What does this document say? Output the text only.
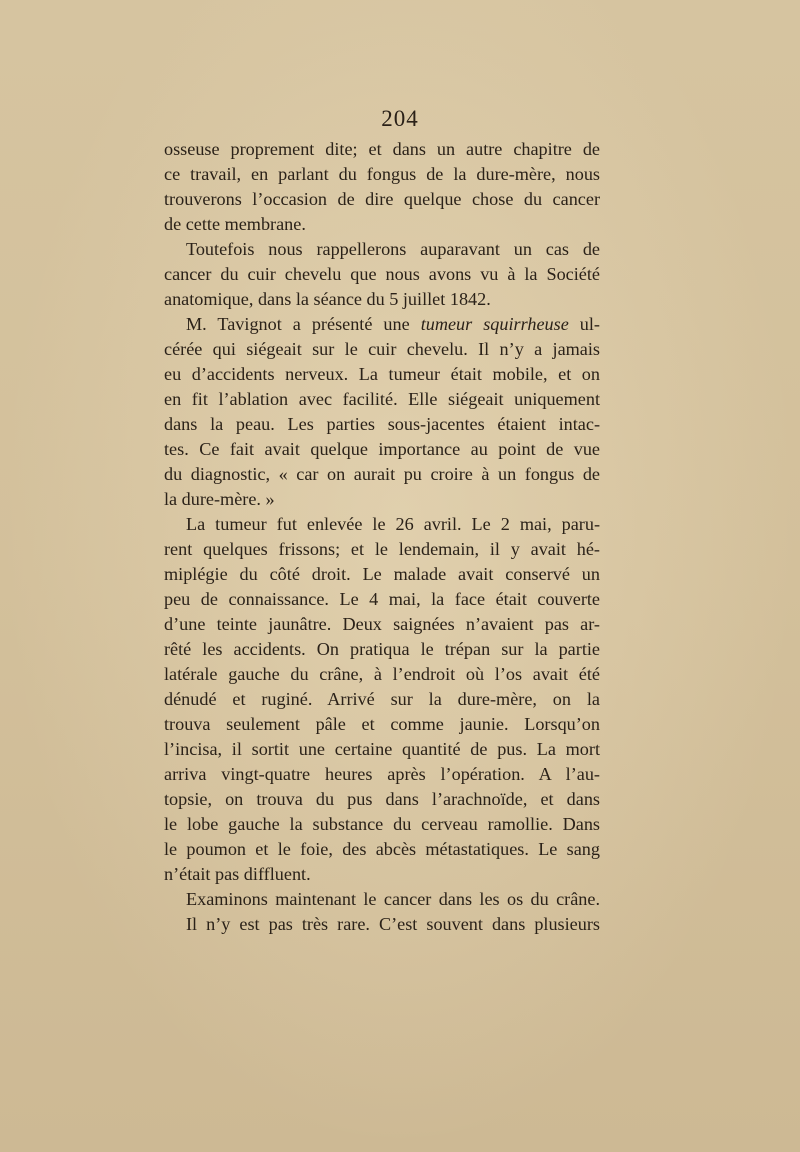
204
osseuse proprement dite; et dans un autre chapitre de
ce travail, en parlant du fongus de la dure-mère, nous
trouverons l’occasion de dire quelque chose du cancer
de cette membrane.
Toutefois nous rappellerons auparavant un cas de
cancer du cuir chevelu que nous avons vu à la Société
anatomique, dans la séance du 5 juillet 1842.
M. Tavignot a présenté une tumeur squirrheuse ul-
cérée qui siégeait sur le cuir chevelu. Il n’y a jamais
eu d’accidents nerveux. La tumeur était mobile, et on
en fit l’ablation avec facilité. Elle siégeait uniquement
dans la peau. Les parties sous-jacentes étaient intac-
tes. Ce fait avait quelque importance au point de vue
du diagnostic, « car on aurait pu croire à un fongus de
la dure-mère. »
La tumeur fut enlevée le 26 avril. Le 2 mai, paru-
rent quelques frissons; et le lendemain, il y avait hé-
miplégie du côté droit. Le malade avait conservé un
peu de connaissance. Le 4 mai, la face était couverte
d’une teinte jaunâtre. Deux saignées n’avaient pas ar-
rêté les accidents. On pratiqua le trépan sur la partie
latérale gauche du crâne, à l’endroit où l’os avait été
dénudé et ruginé. Arrivé sur la dure-mère, on la
trouva seulement pâle et comme jaunie. Lorsqu’on
l’incisa, il sortit une certaine quantité de pus. La mort
arriva vingt-quatre heures après l’opération. A l’au-
topsie, on trouva du pus dans l’arachnoïde, et dans
le lobe gauche la substance du cerveau ramollie. Dans
le poumon et le foie, des abcès métastatiques. Le sang
n’était pas diffluent.
Examinons maintenant le cancer dans les os du crâne.
Il n’y est pas très rare. C’est souvent dans plusieurs
